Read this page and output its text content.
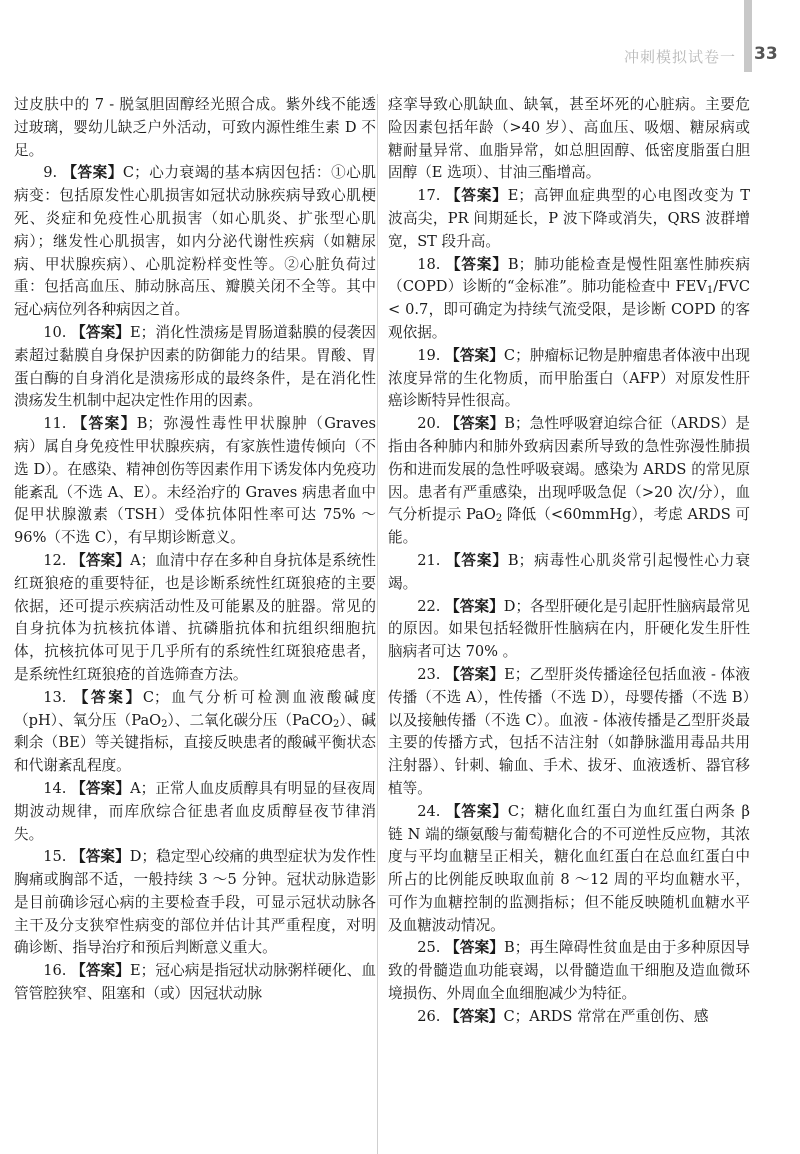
冲刺模拟试卷一 33

过皮肤中的 7 - 脱氢胆固醇经光照合成。紫外线不能透过玻璃，婴幼儿缺乏户外活动，可致内源性维生素 D 不足。

9. 【答案】C；心力衰竭的基本病因包括：①心肌病变：包括原发性心肌损害如冠状动脉疾病导致心肌梗死、炎症和免疫性心肌损害（如心肌炎、扩张型心肌病）；继发性心肌损害，如内分泌代谢性疾病（如糖尿病、甲状腺疾病）、心肌淀粉样变性等。②心脏负荷过重：包括高血压、肺动脉高压、瓣膜关闭不全等。其中冠心病位列各种病因之首。

10. 【答案】E；消化性溃疡是胃肠道黏膜的侵袭因素超过黏膜自身保护因素的防御能力的结果。胃酸、胃蛋白酶的自身消化是溃疡形成的最终条件，是在消化性溃疡发生机制中起决定性作用的因素。

11. 【答案】B；弥漫性毒性甲状腺肿（Graves 病）属自身免疫性甲状腺疾病，有家族性遗传倾向（不选 D）。在感染、精神创伤等因素作用下诱发体内免疫功能紊乱（不选 A、E）。未经治疗的 Graves 病患者血中促甲状腺激素（TSH）受体抗体阳性率可达 75% ～96%（不选 C），有早期诊断意义。

12. 【答案】A；血清中存在多种自身抗体是系统性红斑狼疮的重要特征，也是诊断系统性红斑狼疮的主要依据，还可提示疾病活动性及可能累及的脏器。常见的自身抗体为抗核抗体谱、抗磷脂抗体和抗组织细胞抗体，抗核抗体可见于几乎所有的系统性红斑狼疮患者，是系统性红斑狼疮的首选筛查方法。

13. 【答案】C；血气分析可检测血液酸碱度（pH）、氧分压（PaO$_2$）、二氧化碳分压（PaCO$_2$）、碱剩余（BE）等关键指标，直接反映患者的酸碱平衡状态和代谢紊乱程度。

14. 【答案】A；正常人血皮质醇具有明显的昼夜周期波动规律，而库欣综合征患者血皮质醇昼夜节律消失。

15. 【答案】D；稳定型心绞痛的典型症状为发作性胸痛或胸部不适，一般持续 3 ～5 分钟。冠状动脉造影是目前确诊冠心病的主要检查手段，可显示冠状动脉各主干及分支狭窄性病变的部位并估计其严重程度，对明确诊断、指导治疗和预后判断意义重大。

16. 【答案】E；冠心病是指冠状动脉粥样硬化、血管管腔狭窄、阻塞和（或）因冠状动脉

痉挛导致心肌缺血、缺氧，甚至坏死的心脏病。主要危险因素包括年龄（>40 岁）、高血压、吸烟、糖尿病或糖耐量异常、血脂异常，如总胆固醇、低密度脂蛋白胆固醇（E 选项）、甘油三酯增高。

17. 【答案】E；高钾血症典型的心电图改变为 T 波高尖，PR 间期延长，P 波下降或消失，QRS 波群增宽，ST 段升高。

18. 【答案】B；肺功能检查是慢性阻塞性肺疾病（COPD）诊断的“金标准”。肺功能检查中 $FEV_1$/FVC < 0.7，即可确定为持续气流受限，是诊断 COPD 的客观依据。

19. 【答案】C；肿瘤标记物是肿瘤患者体液中出现浓度异常的生化物质，而甲胎蛋白（AFP）对原发性肝癌诊断特异性很高。

20. 【答案】B；急性呼吸窘迫综合征（ARDS）是指由各种肺内和肺外致病因素所导致的急性弥漫性肺损伤和进而发展的急性呼吸衰竭。感染为 ARDS 的常见原因。患者有严重感染，出现呼吸急促（>20 次/分），血气分析提示 PaO$_2$ 降低（<60mmHg），考虑 ARDS 可能。

21. 【答案】B；病毒性心肌炎常引起慢性心力衰竭。

22. 【答案】D；各型肝硬化是引起肝性脑病最常见的原因。如果包括轻微肝性脑病在内，肝硬化发生肝性脑病者可达 70% 。

23. 【答案】E；乙型肝炎传播途径包括血液 - 体液传播（不选 A），性传播（不选 D），母婴传播（不选 B）以及接触传播（不选 C）。血液 - 体液传播是乙型肝炎最主要的传播方式，包括不洁注射（如静脉滥用毒品共用注射器）、针刺、输血、手术、拔牙、血液透析、器官移植等。

24. 【答案】C；糖化血红蛋白为血红蛋白两条 β 链 N 端的缬氨酸与葡萄糖化合的不可逆性反应物，其浓度与平均血糖呈正相关，糖化血红蛋白在总血红蛋白中所占的比例能反映取血前 8 ～12 周的平均血糖水平，可作为血糖控制的监测指标；但不能反映随机血糖水平及血糖波动情况。

25. 【答案】B；再生障碍性贫血是由于多种原因导致的骨髓造血功能衰竭，以骨髓造血干细胞及造血微环境损伤、外周血全血细胞减少为特征。

26. 【答案】C；ARDS 常常在严重创伤、感
